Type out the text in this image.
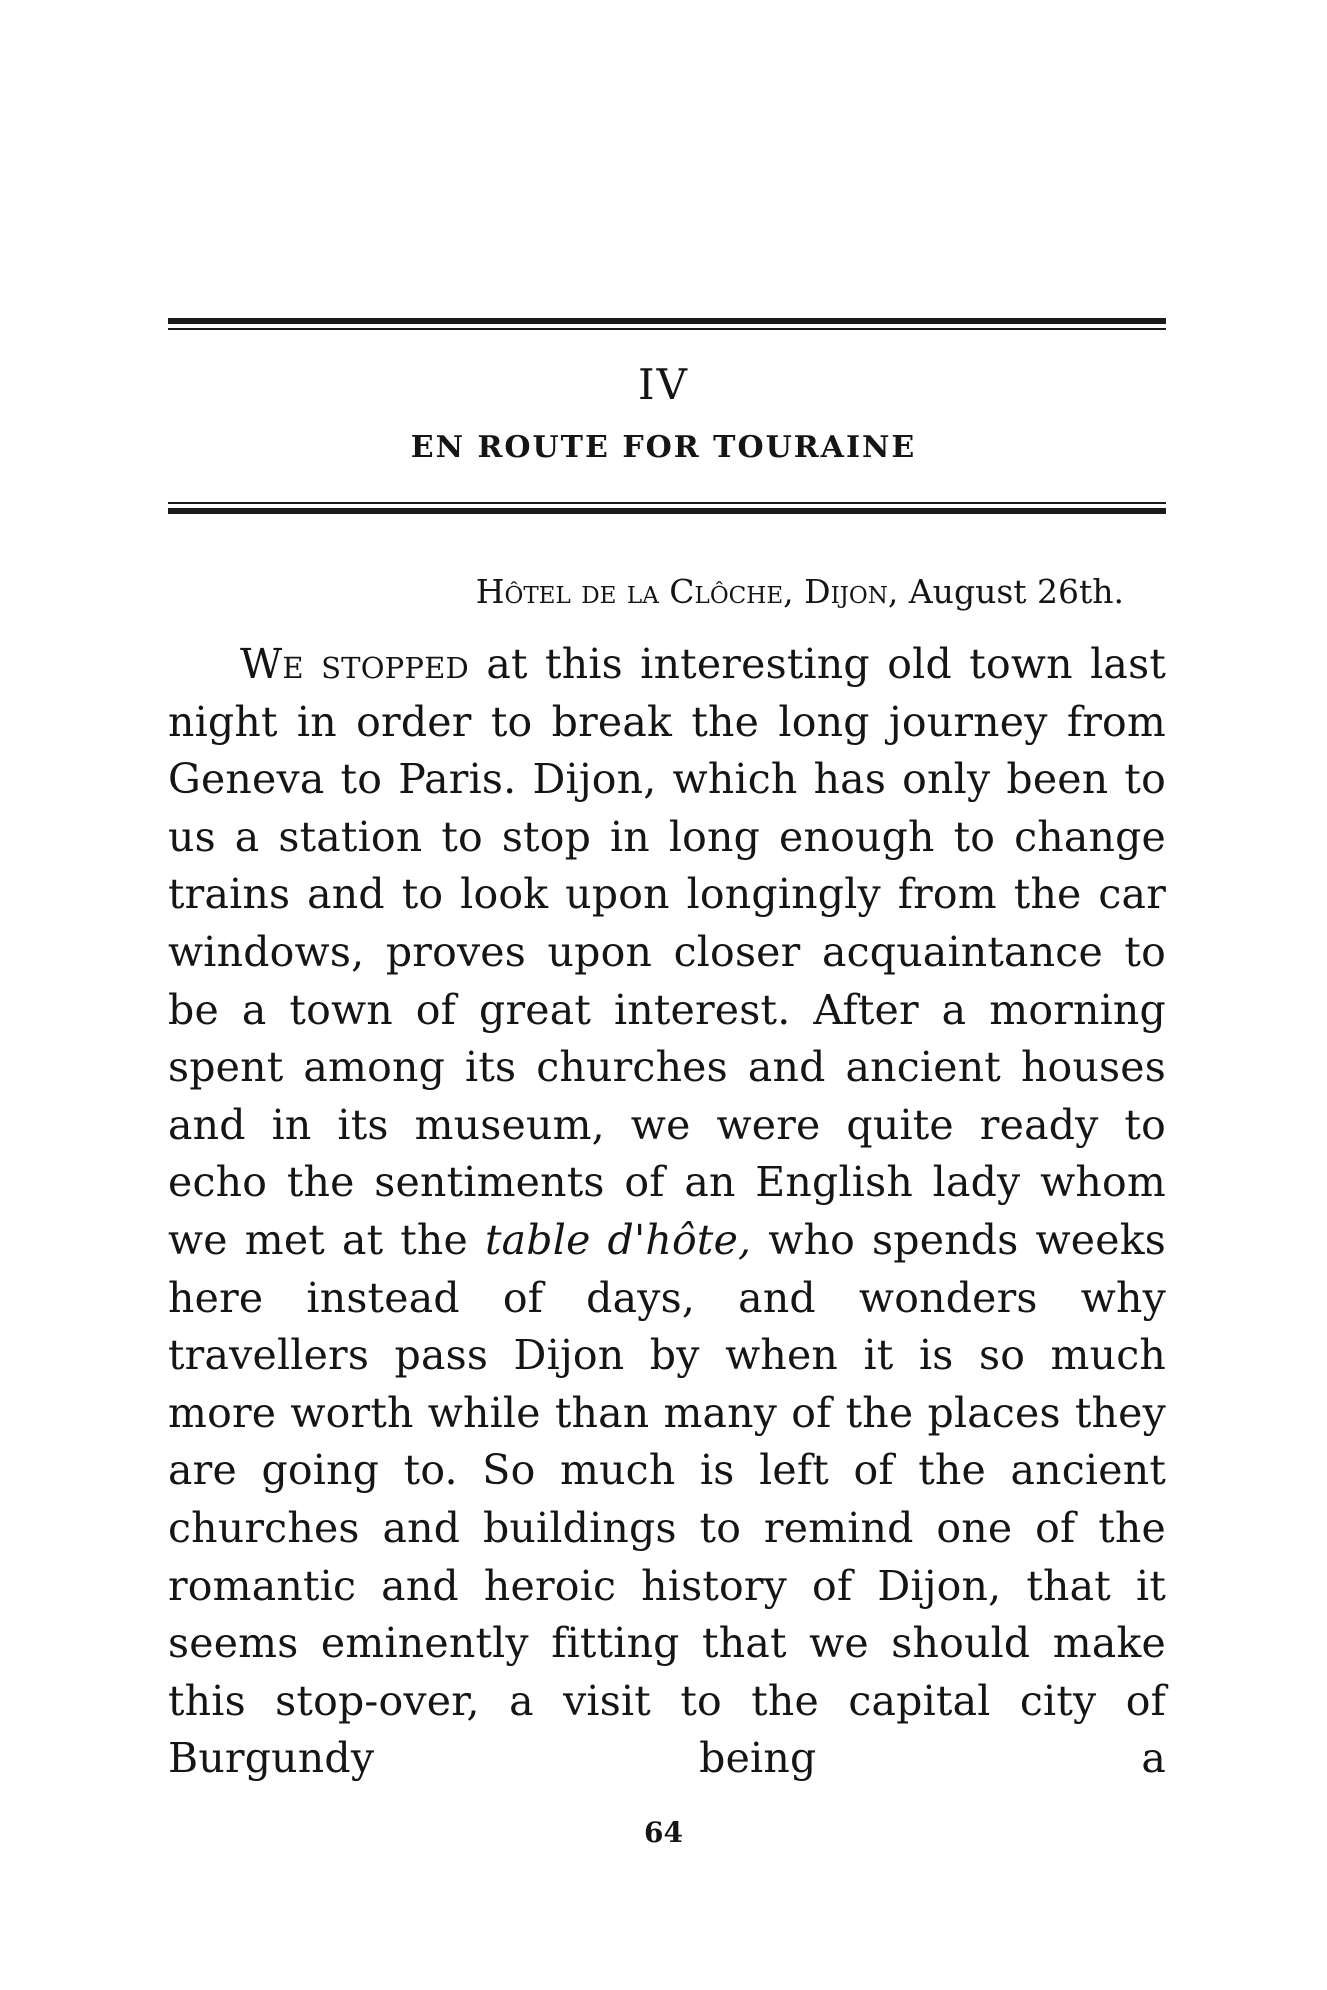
IV
EN ROUTE FOR TOURAINE
Hôtel de la Clôche, Dijon, August 26th.

We stopped at this interesting old town last night in order to break the long journey from Geneva to Paris. Dijon, which has only been to us a station to stop in long enough to change trains and to look upon longingly from the car windows, proves upon closer acquaintance to be a town of great interest. After a morning spent among its churches and ancient houses and in its museum, we were quite ready to echo the sentiments of an English lady whom we met at the table d'hôte, who spends weeks here instead of days, and wonders why travellers pass Dijon by when it is so much more worth while than many of the places they are going to. So much is left of the ancient churches and buildings to remind one of the romantic and heroic history of Dijon, that it seems eminently fitting that we should make this stop-over, a visit to the capital city of Burgundy being a

64
